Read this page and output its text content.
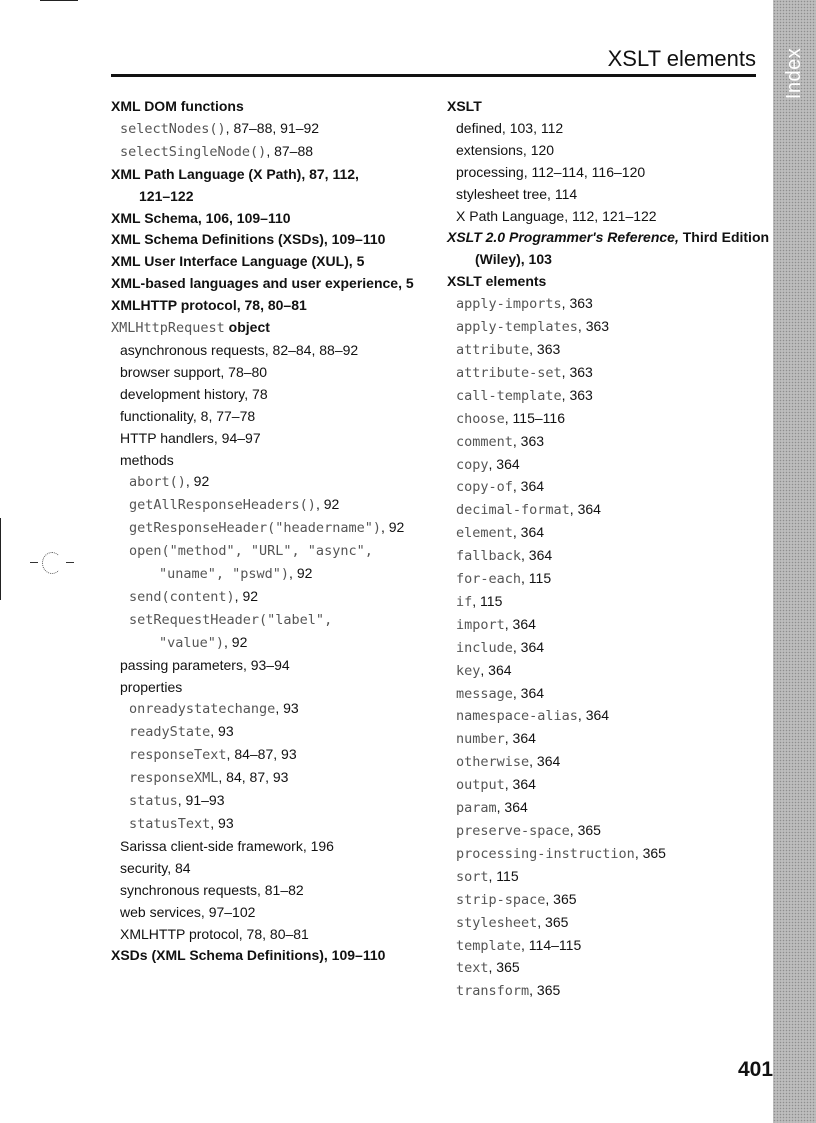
Index
XSLT elements
XML DOM functions
selectNodes(), 87–88, 91–92
selectSingleNode(), 87–88
XML Path Language (X Path), 87, 112,
121–122
XML Schema, 106, 109–110
XML Schema Definitions (XSDs), 109–110
XML User Interface Language (XUL), 5
XML-based languages and user experience, 5
XMLHTTP protocol, 78, 80–81
XMLHttpRequest object
asynchronous requests, 82–84, 88–92
browser support, 78–80
development history, 78
functionality, 8, 77–78
HTTP handlers, 94–97
methods
abort(), 92
getAllResponseHeaders(), 92
getResponseHeader("headername"), 92
open("method", "URL", "async",
"uname", "pswd"), 92
send(content), 92
setRequestHeader("label",
"value"), 92
passing parameters, 93–94
properties
onreadystatechange, 93
readyState, 93
responseText, 84–87, 93
responseXML, 84, 87, 93
status, 91–93
statusText, 93
Sarissa client-side framework, 196
security, 84
synchronous requests, 81–82
web services, 97–102
XMLHTTP protocol, 78, 80–81
XSDs (XML Schema Definitions), 109–110
XSLT
defined, 103, 112
extensions, 120
processing, 112–114, 116–120
stylesheet tree, 114
X Path Language, 112, 121–122
XSLT 2.0 Programmer's Reference, Third Edition
(Wiley), 103
XSLT elements
apply-imports, 363
apply-templates, 363
attribute, 363
attribute-set, 363
call-template, 363
choose, 115–116
comment, 363
copy, 364
copy-of, 364
decimal-format, 364
element, 364
fallback, 364
for-each, 115
if, 115
import, 364
include, 364
key, 364
message, 364
namespace-alias, 364
number, 364
otherwise, 364
output, 364
param, 364
preserve-space, 365
processing-instruction, 365
sort, 115
strip-space, 365
stylesheet, 365
template, 114–115
text, 365
transform, 365
401
